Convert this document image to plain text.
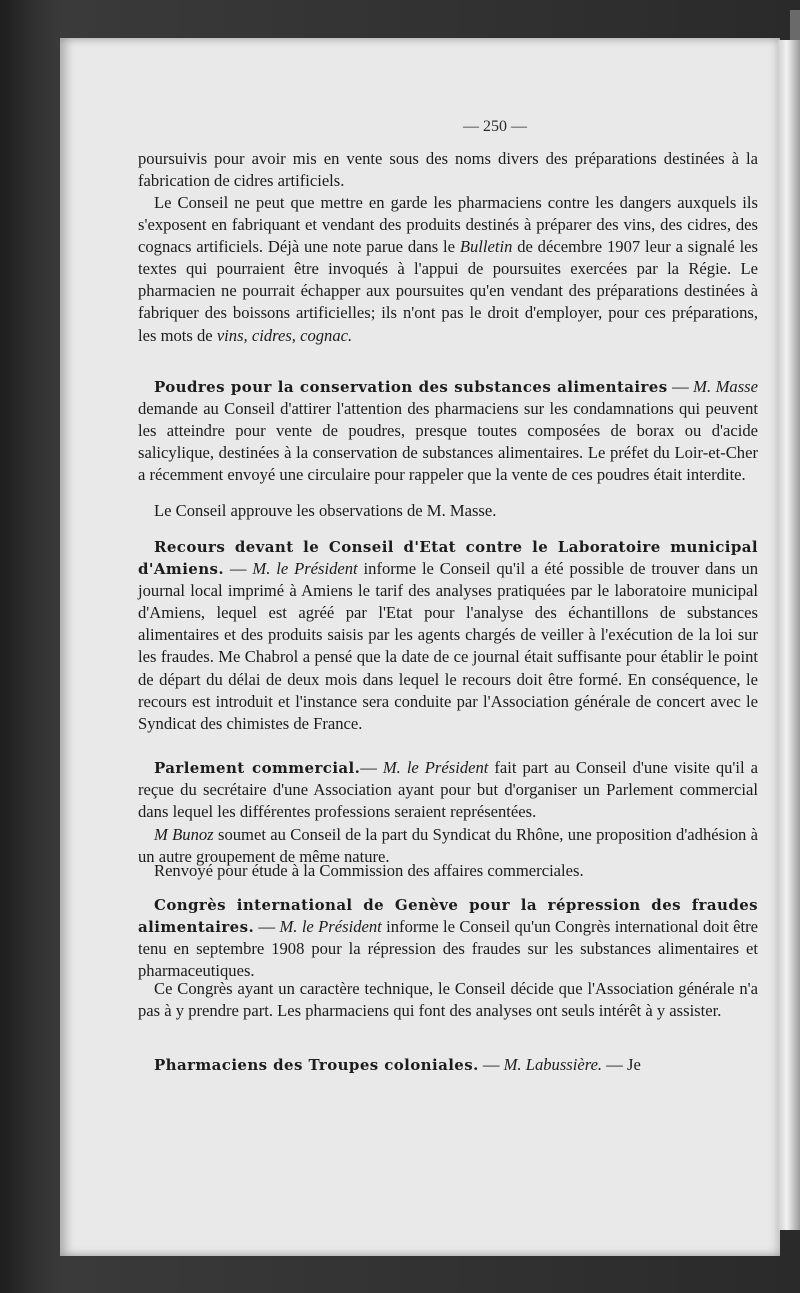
— 250 —

poursuivis pour avoir mis en vente sous des noms divers des préparations destinées à la fabrication de cidres artificiels.

Le Conseil ne peut que mettre en garde les pharmaciens contre les dangers auxquels ils s'exposent en fabriquant et vendant des produits destinés à préparer des vins, des cidres, des cognacs artificiels. Déjà une note parue dans le Bulletin de décembre 1907 leur a signalé les textes qui pourraient être invoqués à l'appui de poursuites exercées par la Régie. Le pharmacien ne pourrait échapper aux poursuites qu'en vendant des préparations destinées à fabriquer des boissons artificielles; ils n'ont pas le droit d'employer, pour ces préparations, les mots de vins, cidres, cognac.

Poudres pour la conservation des substances alimentaires — M. Masse demande au Conseil d'attirer l'attention des pharmaciens sur les condamnations qui peuvent les atteindre pour vente de poudres, presque toutes composées de borax ou d'acide salicylique, destinées à la conservation de substances alimentaires. Le préfet du Loir-et-Cher a récemment envoyé une circulaire pour rappeler que la vente de ces poudres était interdite.

Le Conseil approuve les observations de M. Masse.

Recours devant le Conseil d'Etat contre le Laboratoire municipal d'Amiens. — M. le Président informe le Conseil qu'il a été possible de trouver dans un journal local imprimé à Amiens le tarif des analyses pratiquées par le laboratoire municipal d'Amiens, lequel est agréé par l'Etat pour l'analyse des échantillons de substances alimentaires et des produits saisis par les agents chargés de veiller à l'exécution de la loi sur les fraudes. Me Chabrol a pensé que la date de ce journal était suffisante pour établir le point de départ du délai de deux mois dans lequel le recours doit être formé. En conséquence, le recours est introduit et l'instance sera conduite par l'Association générale de concert avec le Syndicat des chimistes de France.

Parlement commercial.— M. le Président fait part au Conseil d'une visite qu'il a reçue du secrétaire d'une Association ayant pour but d'organiser un Parlement commercial dans lequel les différentes professions seraient représentées.

M Bunoz soumet au Conseil de la part du Syndicat du Rhône, une proposition d'adhésion à un autre groupement de même nature.

Renvoyé pour étude à la Commission des affaires commerciales.

Congrès international de Genève pour la répression des fraudes alimentaires. — M. le Président informe le Conseil qu'un Congrès international doit être tenu en septembre 1908 pour la répression des fraudes sur les substances alimentaires et pharmaceutiques.

Ce Congrès ayant un caractère technique, le Conseil décide que l'Association générale n'a pas à y prendre part. Les pharmaciens qui font des analyses ont seuls intérêt à y assister.

Pharmaciens des Troupes coloniales. — M. Labussière. — Je
